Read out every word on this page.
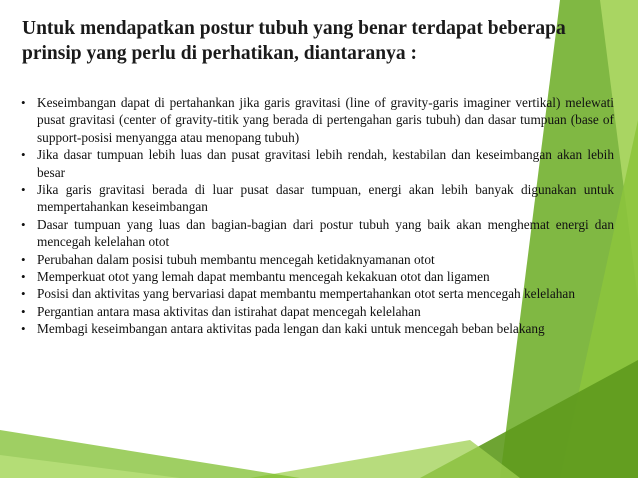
Untuk mendapatkan postur tubuh yang benar terdapat beberapa prinsip yang perlu di perhatikan, diantaranya :
• Keseimbangan dapat di pertahankan jika garis gravitasi (line of gravity-garis imaginer vertikal) melewati pusat gravitasi (center of gravity-titik yang berada di pertengahan garis tubuh) dan dasar tumpuan (base of support-posisi menyangga atau menopang tubuh)
• Jika dasar tumpuan lebih luas dan pusat gravitasi lebih rendah, kestabilan dan keseimbangan akan lebih besar
• Jika garis gravitasi berada di luar pusat dasar tumpuan, energi akan lebih banyak digunakan untuk mempertahankan keseimbangan
• Dasar tumpuan yang luas dan bagian-bagian dari postur tubuh yang baik akan menghemat energi dan mencegah kelelahan otot
• Perubahan dalam posisi tubuh membantu mencegah ketidaknyamanan otot
• Memperkuat otot yang lemah dapat membantu mencegah kekakuan otot dan ligamen
• Posisi dan aktivitas yang bervariasi dapat membantu mempertahankan otot serta mencegah kelelahan
• Pergantian antara masa aktivitas dan istirahat dapat mencegah kelelahan
• Membagi keseimbangan antara aktivitas pada lengan dan kaki untuk mencegah beban belakang
